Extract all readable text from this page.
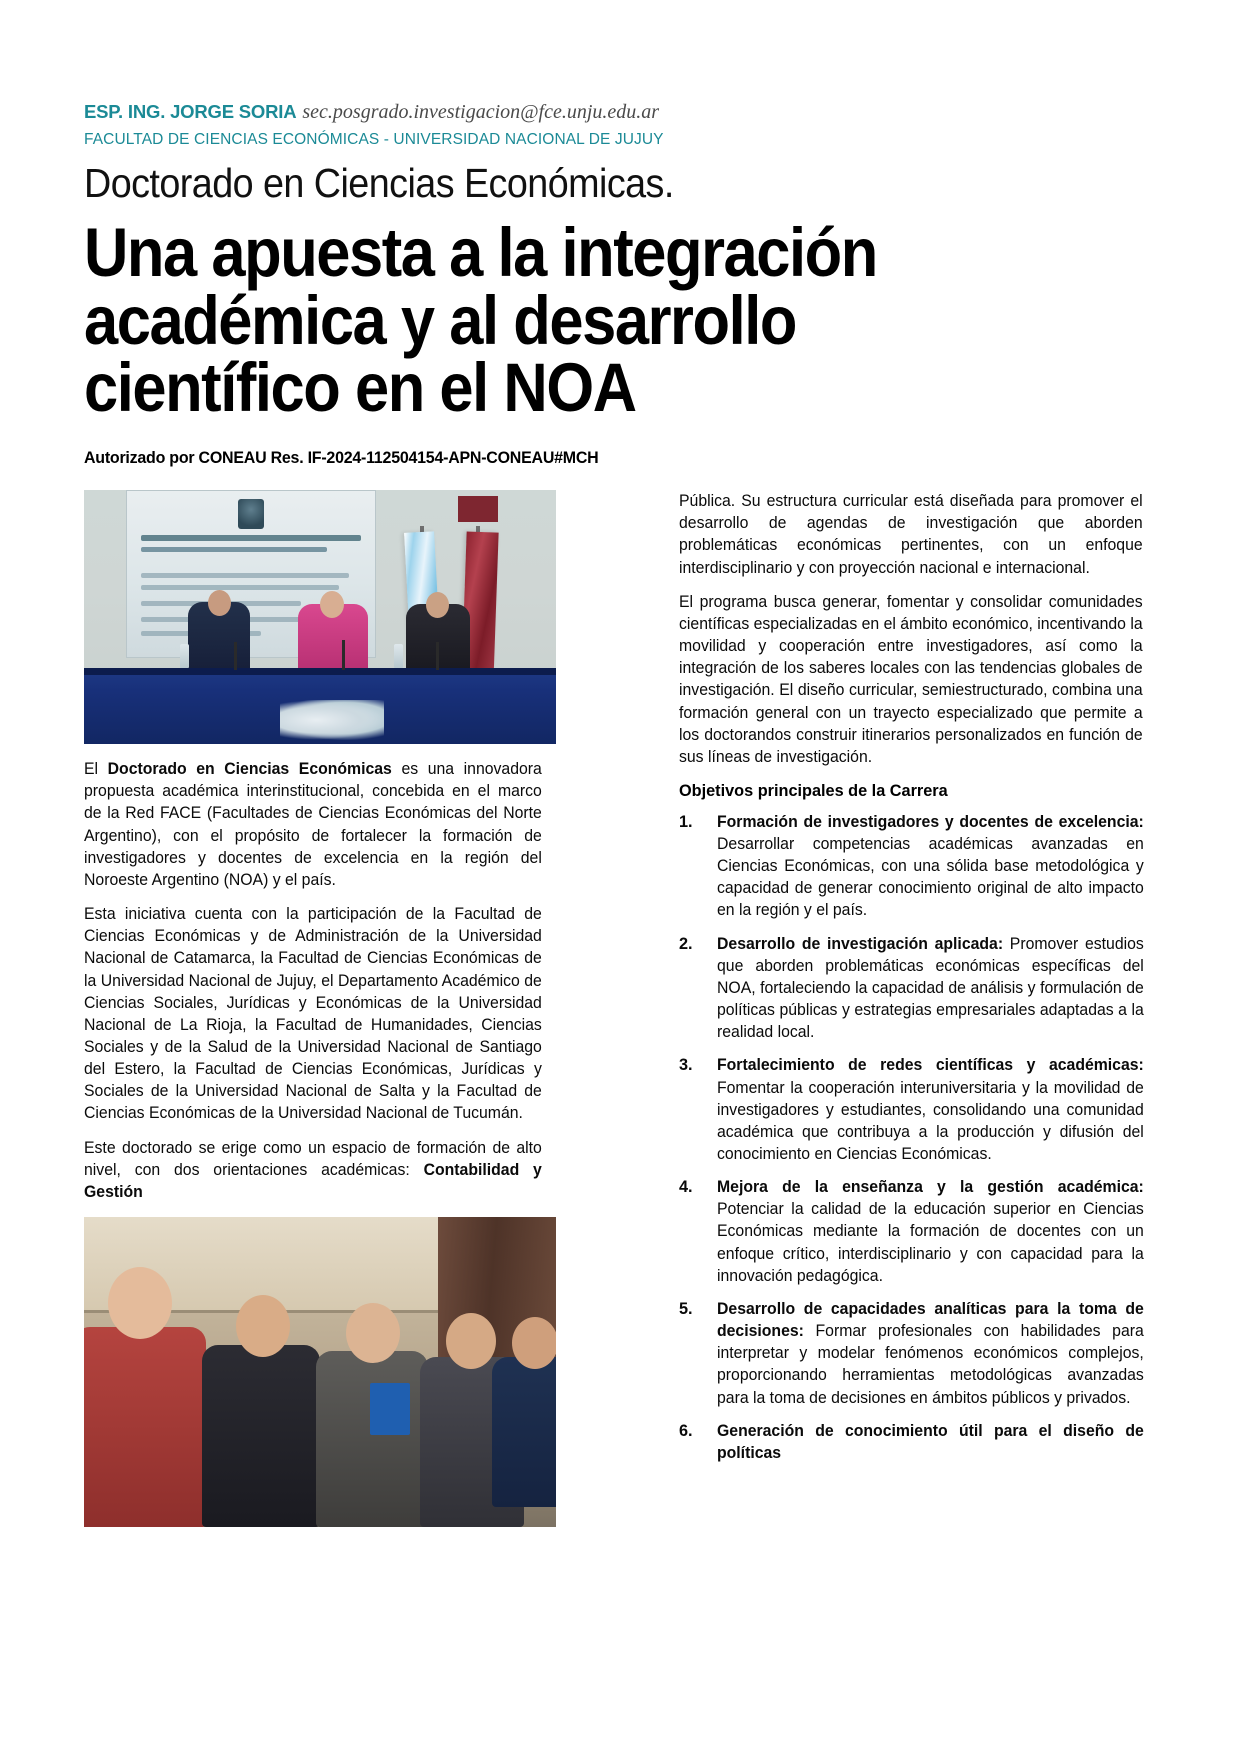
ESP. ING. JORGE SORIA sec.posgrado.investigacion@fce.unju.edu.ar
FACULTAD DE CIENCIAS ECONÓMICAS - UNIVERSIDAD NACIONAL DE JUJUY
Doctorado en Ciencias Económicas.
Una apuesta a la integración académica y al desarrollo científico en el NOA
Autorizado por CONEAU Res. IF-2024-112504154-APN-CONEAU#MCH

El Doctorado en Ciencias Económicas es una innovadora propuesta académica interinstitucional, concebida en el marco de la Red FACE (Facultades de Ciencias Económicas del Norte Argentino), con el propósito de fortalecer la formación de investigadores y docentes de excelencia en la región del Noroeste Argentino (NOA) y el país.

Esta iniciativa cuenta con la participación de la Facultad de Ciencias Económicas y de Administración de la Universidad Nacional de Catamarca, la Facultad de Ciencias Económicas de la Universidad Nacional de Jujuy, el Departamento Académico de Ciencias Sociales, Jurídicas y Económicas de la Universidad Nacional de La Rioja, la Facultad de Humanidades, Ciencias Sociales y de la Salud de la Universidad Nacional de Santiago del Estero, la Facultad de Ciencias Económicas, Jurídicas y Sociales de la Universidad Nacional de Salta y la Facultad de Ciencias Económicas de la Universidad Nacional de Tucumán.

Este doctorado se erige como un espacio de formación de alto nivel, con dos orientaciones académicas: Contabilidad y Gestión

Pública. Su estructura curricular está diseñada para promover el desarrollo de agendas de investigación que aborden problemáticas económicas pertinentes, con un enfoque interdisciplinario y con proyección nacional e internacional.

El programa busca generar, fomentar y consolidar comunidades científicas especializadas en el ámbito económico, incentivando la movilidad y cooperación entre investigadores, así como la integración de los saberes locales con las tendencias globales de investigación. El diseño curricular, semiestructurado, combina una formación general con un trayecto especializado que permite a los doctorandos construir itinerarios personalizados en función de sus líneas de investigación.

Objetivos principales de la Carrera
1.	Formación de investigadores y docentes de excelencia: Desarrollar competencias académicas avanzadas en Ciencias Económicas, con una sólida base metodológica y capacidad de generar conocimiento original de alto impacto en la región y el país.
2.	Desarrollo de investigación aplicada: Promover estudios que aborden problemáticas económicas específicas del NOA, fortaleciendo la capacidad de análisis y formulación de políticas públicas y estrategias empresariales adaptadas a la realidad local.
3.	Fortalecimiento de redes científicas y académicas: Fomentar la cooperación interuniversitaria y la movilidad de investigadores y estudiantes, consolidando una comunidad académica que contribuya a la producción y difusión del conocimiento en Ciencias Económicas.
4.	Mejora de la enseñanza y la gestión académica: Potenciar la calidad de la educación superior en Ciencias Económicas mediante la formación de docentes con un enfoque crítico, interdisciplinario y con capacidad para la innovación pedagógica.
5.	Desarrollo de capacidades analíticas para la toma de decisiones: Formar profesionales con habilidades para interpretar y modelar fenómenos económicos complejos, proporcionando herramientas metodológicas avanzadas para la toma de decisiones en ámbitos públicos y privados.
6.	Generación de conocimiento útil para el diseño de políticas
